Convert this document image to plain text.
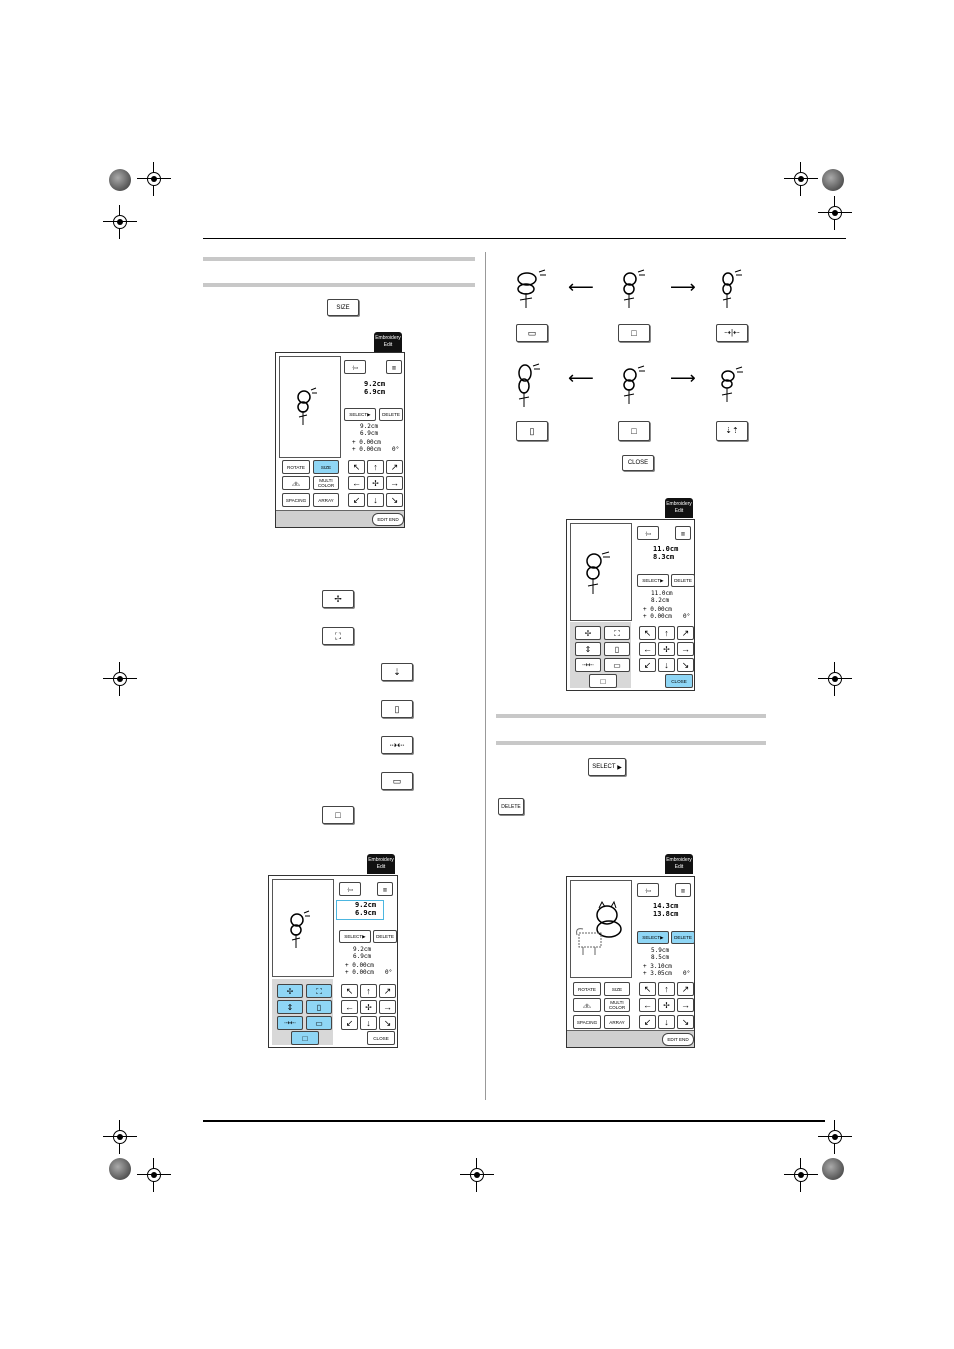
SIZE
Embroidery Edit
·|▭	▥
9.2cm
6.9cm
SELECT ▶	DELETE
9.2cm
6.9cm
+ 0.00cm
+ 0.00cm 0°
ROTATE	SIZE
◿|◺	MULTI COLOR
SPACING	ARRAY
↖	↑	↗
←	✢	→
↙	↓	↘
EDIT END
✢
⛶
⇣
▯
⇢⇠
▭
□
Embroidery Edit
·|▭	▥
9.2cm
6.9cm
SELECT ▶	DELETE
9.2cm
6.9cm
+ 0.00cm
+ 0.00cm 0°
✢	⛶
⇕	▯
⇢⇠	▭
□
↖	↑	↗
←	✢	→
↙	↓	↘
CLOSE
⟵	⟶
▭	□	⇢|⇠
⟵	⟶
▯	□	⇣⇡
CLOSE
Embroidery Edit
·|▭	▥
11.0cm
8.3cm
SELECT ▶	DELETE
11.0cm
8.2cm
+ 0.00cm
+ 0.00cm 0°
✢	⛶
⇕	▯
⇢⇠	▭
□
↖	↑	↗
←	✢	→
↙	↓	↘
CLOSE
SELECT ▶
DELETE
Embroidery Edit
·|▭	▥
14.3cm
13.8cm
SELECT ▶	DELETE
5.9cm
8.5cm
+ 3.10cm
+ 3.05cm 0°
ROTATE	SIZE
◿|◺	MULTI COLOR
SPACING	ARRAY
↖	↑	↗
←	✢	→
↙	↓	↘
EDIT END
